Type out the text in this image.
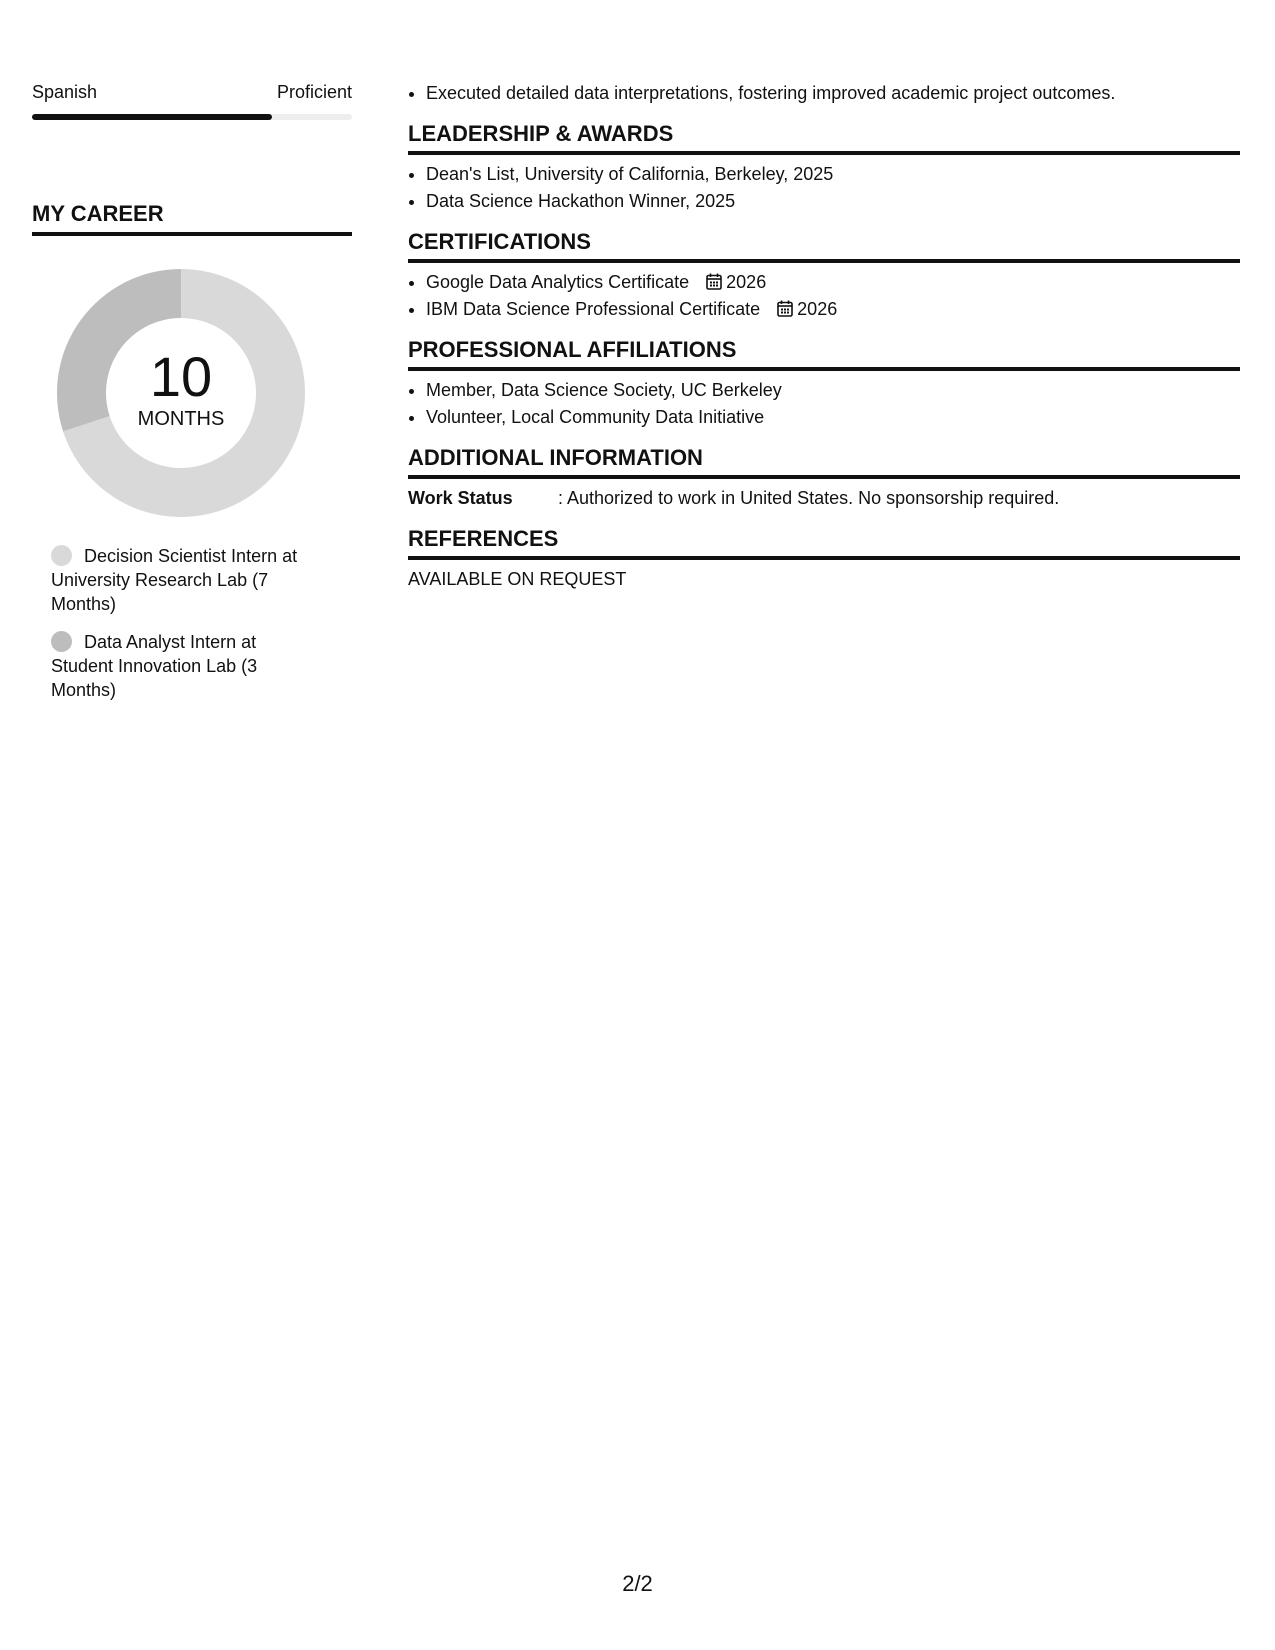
Spanish	Proficient
MY CAREER
10
MONTHS
Decision Scientist Intern at University Research Lab (7 Months)
Data Analyst Intern at Student Innovation Lab (3 Months)
• Executed detailed data interpretations, fostering improved academic project outcomes.
LEADERSHIP & AWARDS
• Dean's List, University of California, Berkeley, 2025
• Data Science Hackathon Winner, 2025
CERTIFICATIONS
• Google Data Analytics Certificate 2026
• IBM Data Science Professional Certificate 2026
PROFESSIONAL AFFILIATIONS
• Member, Data Science Society, UC Berkeley
• Volunteer, Local Community Data Initiative
ADDITIONAL INFORMATION
Work Status	: Authorized to work in United States. No sponsorship required.
REFERENCES
AVAILABLE ON REQUEST
2/2
